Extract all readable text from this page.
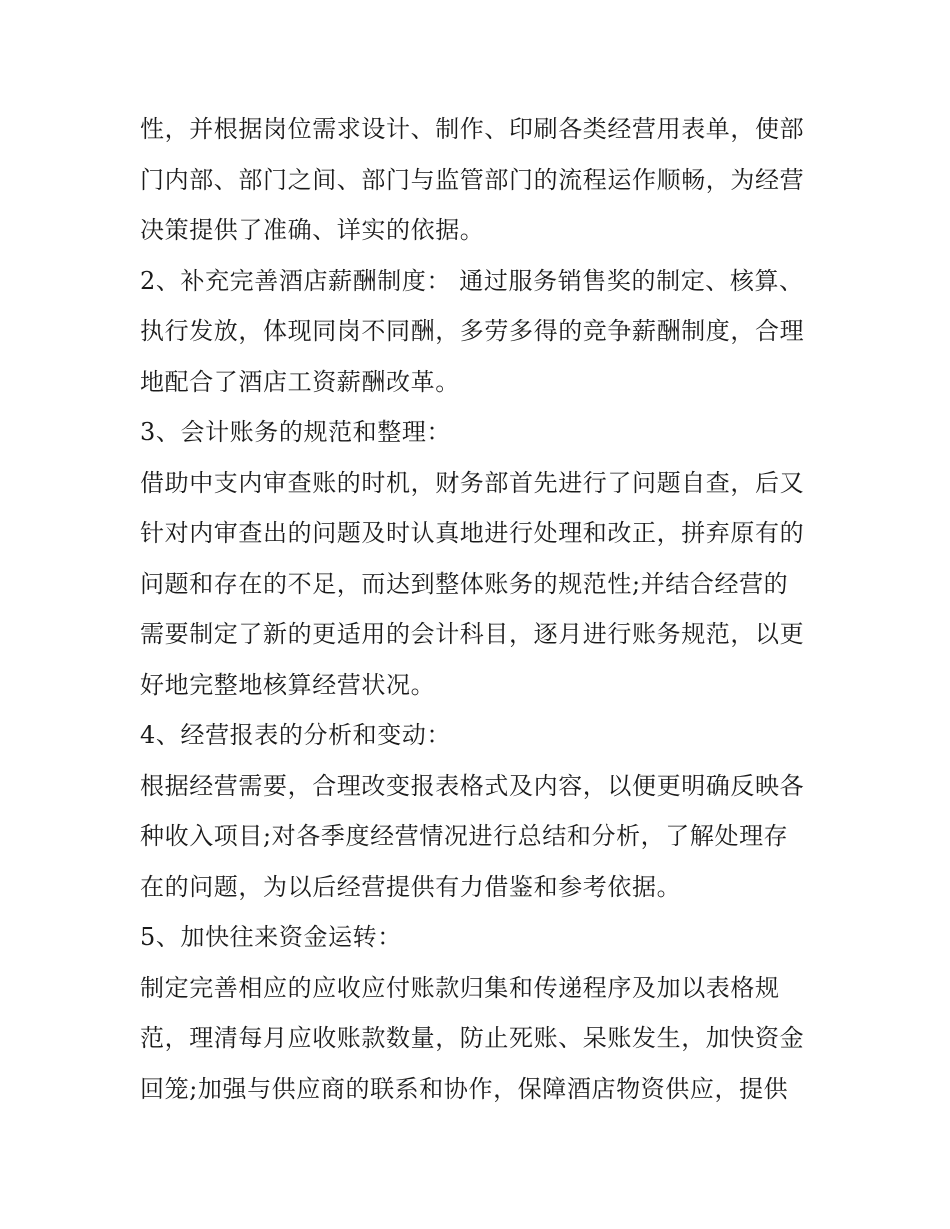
性，并根据岗位需求设计、制作、印刷各类经营用表单，使部
门内部、部门之间、部门与监管部门的流程运作顺畅，为经营
决策提供了准确、详实的依据。
2、补充完善酒店薪酬制度： 通过服务销售奖的制定、核算、
执行发放，体现同岗不同酬，多劳多得的竞争薪酬制度，合理
地配合了酒店工资薪酬改革。
3、会计账务的规范和整理：
借助中支内审查账的时机，财务部首先进行了问题自查，后又
针对内审查出的问题及时认真地进行处理和改正，拼弃原有的
问题和存在的不足，而达到整体账务的规范性;并结合经营的
需要制定了新的更适用的会计科目，逐月进行账务规范，以更
好地完整地核算经营状况。
4、经营报表的分析和变动：
根据经营需要，合理改变报表格式及内容，以便更明确反映各
种收入项目;对各季度经营情况进行总结和分析，了解处理存
在的问题，为以后经营提供有力借鉴和参考依据。
5、加快往来资金运转：
制定完善相应的应收应付账款归集和传递程序及加以表格规
范，理清每月应收账款数量，防止死账、呆账发生，加快资金
回笼;加强与供应商的联系和协作，保障酒店物资供应，提供
